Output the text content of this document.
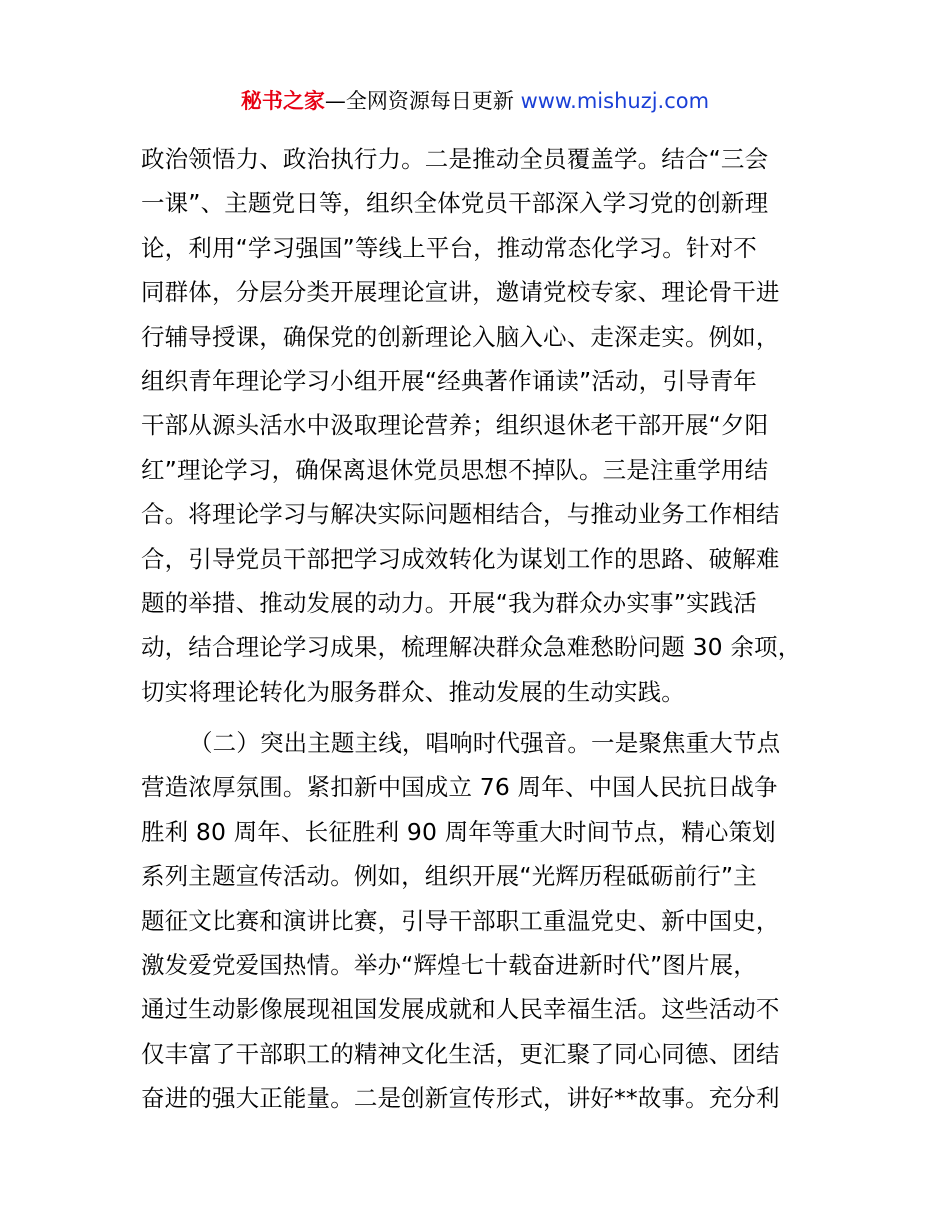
秘书之家—全网资源每日更新 www.mishuzj.com
政治领悟力、政治执行力。二是推动全员覆盖学。结合“三会
一课”、主题党日等，组织全体党员干部深入学习党的创新理
论，利用“学习强国”等线上平台，推动常态化学习。针对不
同群体，分层分类开展理论宣讲，邀请党校专家、理论骨干进
行辅导授课，确保党的创新理论入脑入心、走深走实。例如，
组织青年理论学习小组开展“经典著作诵读”活动，引导青年
干部从源头活水中汲取理论营养；组织退休老干部开展“夕阳
红”理论学习，确保离退休党员思想不掉队。三是注重学用结
合。将理论学习与解决实际问题相结合，与推动业务工作相结
合，引导党员干部把学习成效转化为谋划工作的思路、破解难
题的举措、推动发展的动力。开展“我为群众办实事”实践活
动，结合理论学习成果，梳理解决群众急难愁盼问题 30 余项，
切实将理论转化为服务群众、推动发展的生动实践。
（二）突出主题主线，唱响时代强音。一是聚焦重大节点
营造浓厚氛围。紧扣新中国成立 76 周年、中国人民抗日战争
胜利 80 周年、长征胜利 90 周年等重大时间节点，精心策划
系列主题宣传活动。例如，组织开展“光辉历程砥砺前行”主
题征文比赛和演讲比赛，引导干部职工重温党史、新中国史，
激发爱党爱国热情。举办“辉煌七十载奋进新时代”图片展，
通过生动影像展现祖国发展成就和人民幸福生活。这些活动不
仅丰富了干部职工的精神文化生活，更汇聚了同心同德、团结
奋进的强大正能量。二是创新宣传形式，讲好**故事。充分利
